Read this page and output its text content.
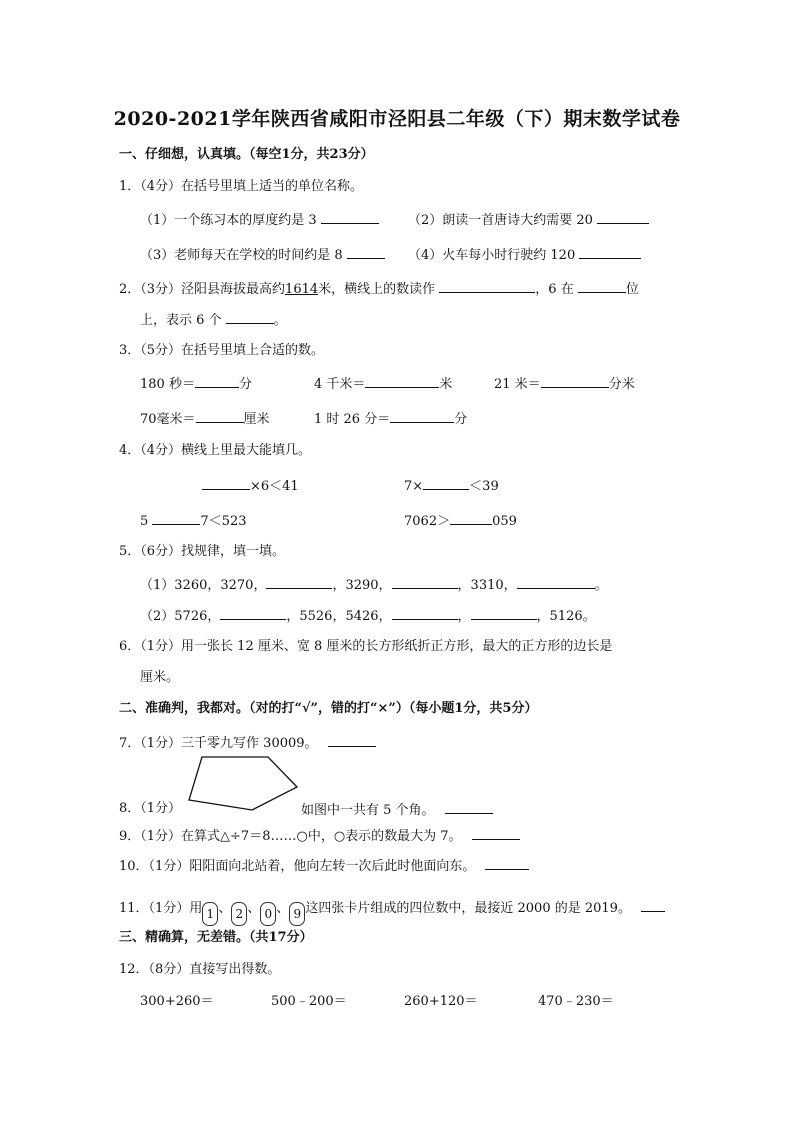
2020-2021学年陕西省咸阳市泾阳县二年级（下）期末数学试卷
一、仔细想，认真填。（每空1分，共23分）
1．（4分）在括号里填上适当的单位名称。
（1）一个练习本的厚度约是 3	（2）朗读一首唐诗大约需要 20
（3）老师每天在学校的时间约是 8	（4）火车每小时行驶约 120
2．（3分）泾阳县海拔最高约1614米，横线上的数读作	，6 在	位
上，表示 6 个	。
3．（5分）在括号里填上合适的数。
180 秒＝	分	4 千米＝	米	21 米＝	分米
70毫米＝	厘米	1 时 26 分＝	分
4．（4分）横线上里最大能填几。
×6＜41	7×	＜39
5	7＜523	7062＞	059
5．（6分）找规律，填一填。
（1）3260，3270，	，3290，	，3310，	。
（2）5726，	，5526，5426，	，	，5126。
6．（1分）用一张长 12 厘米、宽 8 厘米的长方形纸折正方形，最大的正方形的边长是
厘米。
二、准确判，我都对。（对的打“√”，错的打“×”）（每小题1分，共5分）
7．（1分）三千零九写作 30009。
8．（1分）	如图中一共有 5 个角。
9．（1分）在算式△÷7＝8……○中，○表示的数最大为 7。
10．（1分）阳阳面向北站着，他向左转一次后此时他面向东。
11．（1分）用 1 、 2 、 0 、 9 这四张卡片组成的四位数中，最接近 2000 的是 2019。
三、精确算，无差错。（共17分）
12．（8分）直接写出得数。
300+260＝	500﹣200＝	260+120＝	470﹣230＝
